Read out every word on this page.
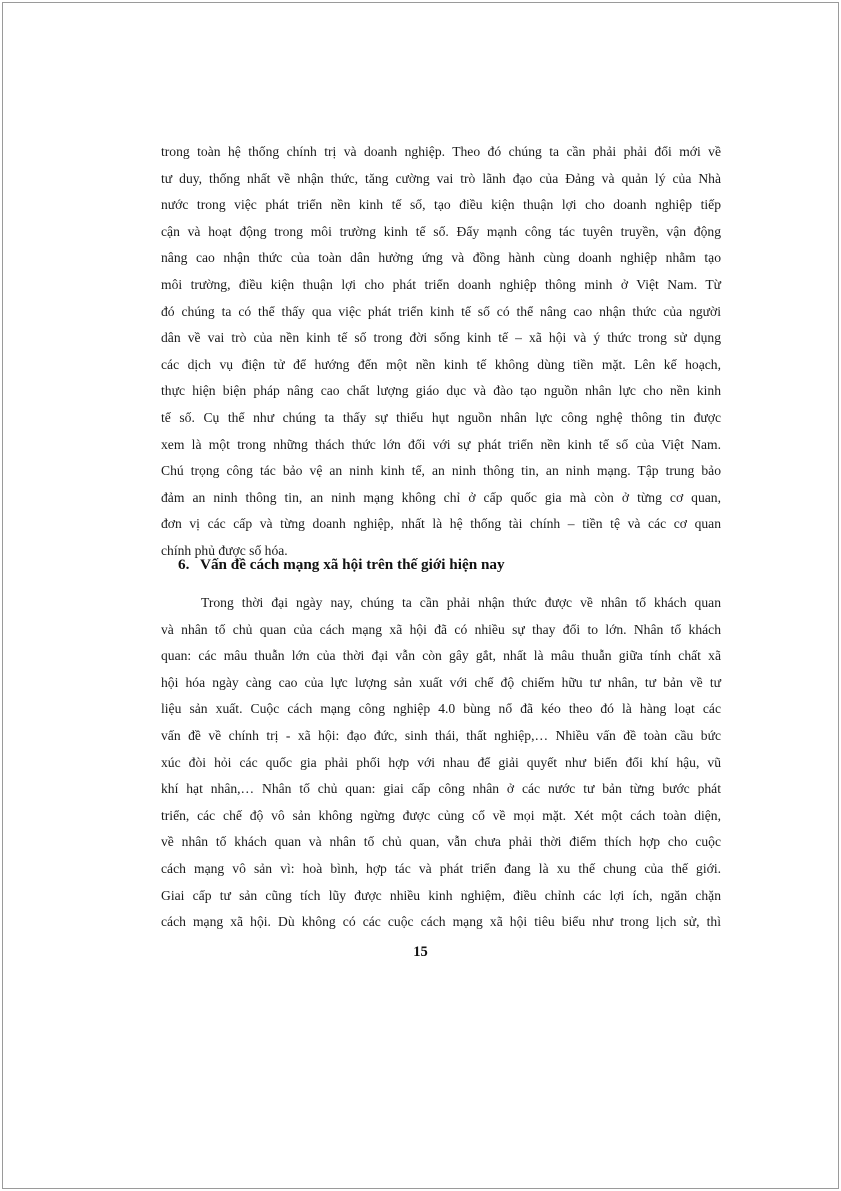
trong toàn hệ thống chính trị và doanh nghiệp. Theo đó chúng ta cần phải phải đổi mới về
tư duy, thống nhất về nhận thức, tăng cường vai trò lãnh đạo của Đảng và quản lý của Nhà
nước trong việc phát triển nền kinh tế số, tạo điều kiện thuận lợi cho doanh nghiệp tiếp
cận và hoạt động trong môi trường kinh tế số. Đẩy mạnh công tác tuyên truyền, vận động
nâng cao nhận thức của toàn dân hưởng ứng và đồng hành cùng doanh nghiệp nhằm tạo
môi trường, điều kiện thuận lợi cho phát triển doanh nghiệp thông minh ở Việt Nam. Từ
đó chúng ta có thể thấy qua việc phát triển kinh tế số có thể nâng cao nhận thức của người
dân về vai trò của nền kinh tế số trong đời sống kinh tế – xã hội và ý thức trong sử dụng
các dịch vụ điện tử để hướng đến một nền kinh tế không dùng tiền mặt. Lên kế hoạch,
thực hiện biện pháp nâng cao chất lượng giáo dục và đào tạo nguồn nhân lực cho nền kinh
tế số. Cụ thể như chúng ta thấy sự thiếu hụt nguồn nhân lực công nghệ thông tin được
xem là một trong những thách thức lớn đối với sự phát triển nền kinh tế số của Việt Nam.
Chú trọng công tác bảo vệ an ninh kinh tế, an ninh thông tin, an ninh mạng. Tập trung bảo
đảm an ninh thông tin, an ninh mạng không chỉ ở cấp quốc gia mà còn ở từng cơ quan,
đơn vị các cấp và từng doanh nghiệp, nhất là hệ thống tài chính – tiền tệ và các cơ quan
chính phủ được số hóa.
6. Vấn đề cách mạng xã hội trên thế giới hiện nay
Trong thời đại ngày nay, chúng ta cần phải nhận thức được về nhân tố khách quan
và nhân tố chủ quan của cách mạng xã hội đã có nhiều sự thay đổi to lớn. Nhân tố khách
quan: các mâu thuẫn lớn của thời đại vẫn còn gây gắt, nhất là mâu thuẫn giữa tính chất xã
hội hóa ngày càng cao của lực lượng sản xuất với chế độ chiếm hữu tư nhân, tư bản về tư
liệu sản xuất. Cuộc cách mạng công nghiệp 4.0 bùng nổ đã kéo theo đó là hàng loạt các
vấn đề về chính trị - xã hội: đạo đức, sinh thái, thất nghiệp,… Nhiều vấn đề toàn cầu bức
xúc đòi hỏi các quốc gia phải phối hợp với nhau để giải quyết như biến đổi khí hậu, vũ
khí hạt nhân,… Nhân tố chủ quan: giai cấp công nhân ở các nước tư bản từng bước phát
triển, các chế độ vô sản không ngừng được củng cố về mọi mặt. Xét một cách toàn diện,
về nhân tố khách quan và nhân tố chủ quan, vẫn chưa phải thời điểm thích hợp cho cuộc
cách mạng vô sản vì: hoà bình, hợp tác và phát triển đang là xu thế chung của thế giới.
Giai cấp tư sản cũng tích lũy được nhiều kinh nghiệm, điều chỉnh các lợi ích, ngăn chặn
cách mạng xã hội. Dù không có các cuộc cách mạng xã hội tiêu biểu như trong lịch sử, thì
15
